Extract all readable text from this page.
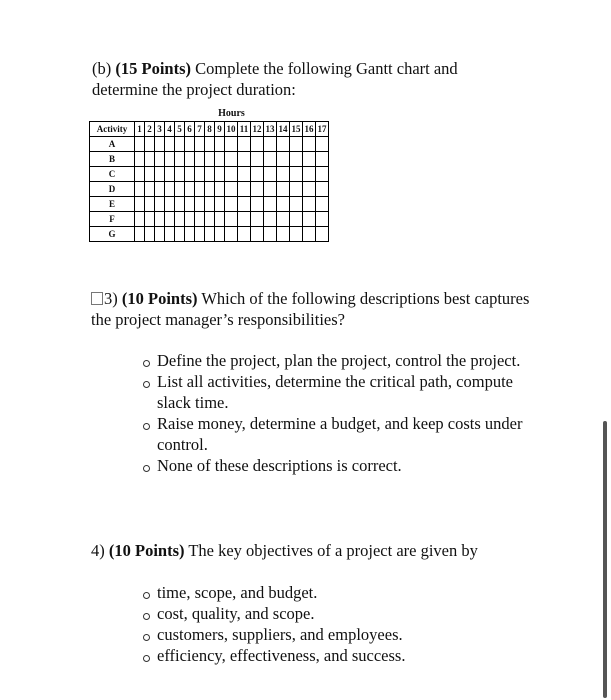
(b) (15 Points) Complete the following Gantt chart and determine the project duration:
	Hours																
Activity	1	2	3	4	5	6	7	8	9	10	11	12	13	14	15	16	17
A																	
B																	
C																	
D																	
E																	
F																	
G																	
3) (10 Points) Which of the following descriptions best captures the project manager’s responsibilities?
Define the project, plan the project, control the project.
List all activities, determine the critical path, compute slack time.
Raise money, determine a budget, and keep costs under control.
None of these descriptions is correct.
4) (10 Points) The key objectives of a project are given by
time, scope, and budget.
cost, quality, and scope.
customers, suppliers, and employees.
efficiency, effectiveness, and success.
